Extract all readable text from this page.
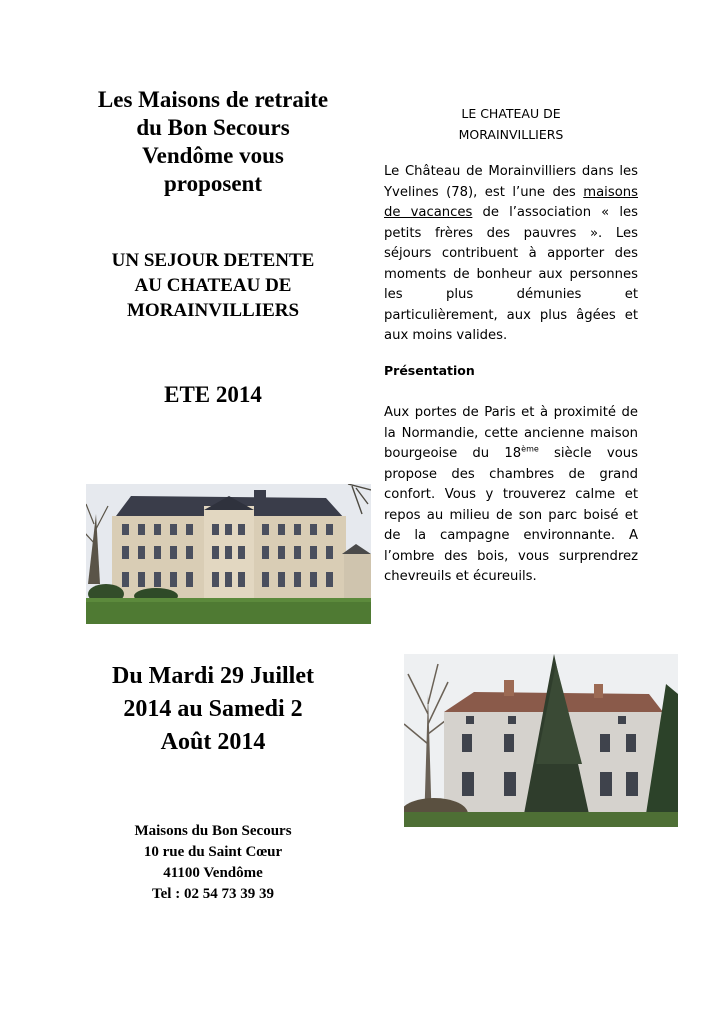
Les Maisons de retraite
du Bon Secours
Vendôme vous
proposent
UN SEJOUR DETENTE
AU CHATEAU DE
MORAINVILLIERS
ETE 2014
Du Mardi 29 Juillet
2014 au Samedi 2
Août 2014
Maisons du Bon Secours
10 rue du Saint Cœur
41100 Vendôme
Tel : 02 54 73 39 39
LE CHATEAU DE
MORAINVILLIERS
Le Château de Morainvilliers dans les Yvelines (78), est l’une des maisons de vacances de l’association « les petits frères des pauvres ». Les séjours contribuent à apporter des moments de bonheur aux personnes les plus démunies et particulièrement, aux plus âgées et aux moins valides.
Présentation
Aux portes de Paris et à proximité de la Normandie, cette ancienne maison bourgeoise du 18ème siècle vous propose des chambres de grand confort. Vous y trouverez calme et repos au milieu de son parc boisé et de la campagne environnante. A l’ombre des bois, vous surprendrez chevreuils et écureuils.
